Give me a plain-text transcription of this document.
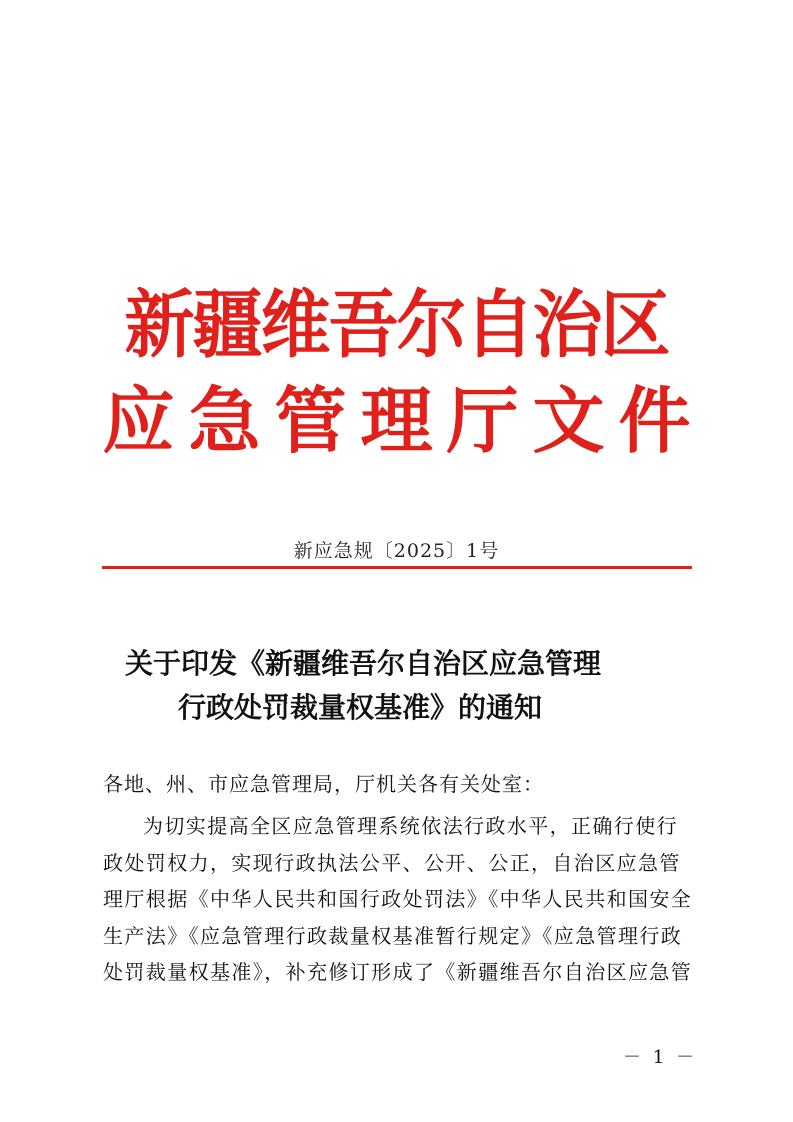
新疆维吾尔自治区
应急管理厅文件
新应急规〔2025〕1号
关于印发《新疆维吾尔自治区应急管理
行政处罚裁量权基准》的通知
各地、州、市应急管理局，厅机关各有关处室：
为切实提高全区应急管理系统依法行政水平，正确行使行
政处罚权力，实现行政执法公平、公开、公正，自治区应急管
理厅根据《中华人民共和国行政处罚法》《中华人民共和国安全
生产法》《应急管理行政裁量权基准暂行规定》《应急管理行政
处罚裁量权基准》，补充修订形成了《新疆维吾尔自治区应急管
－ 1 －
